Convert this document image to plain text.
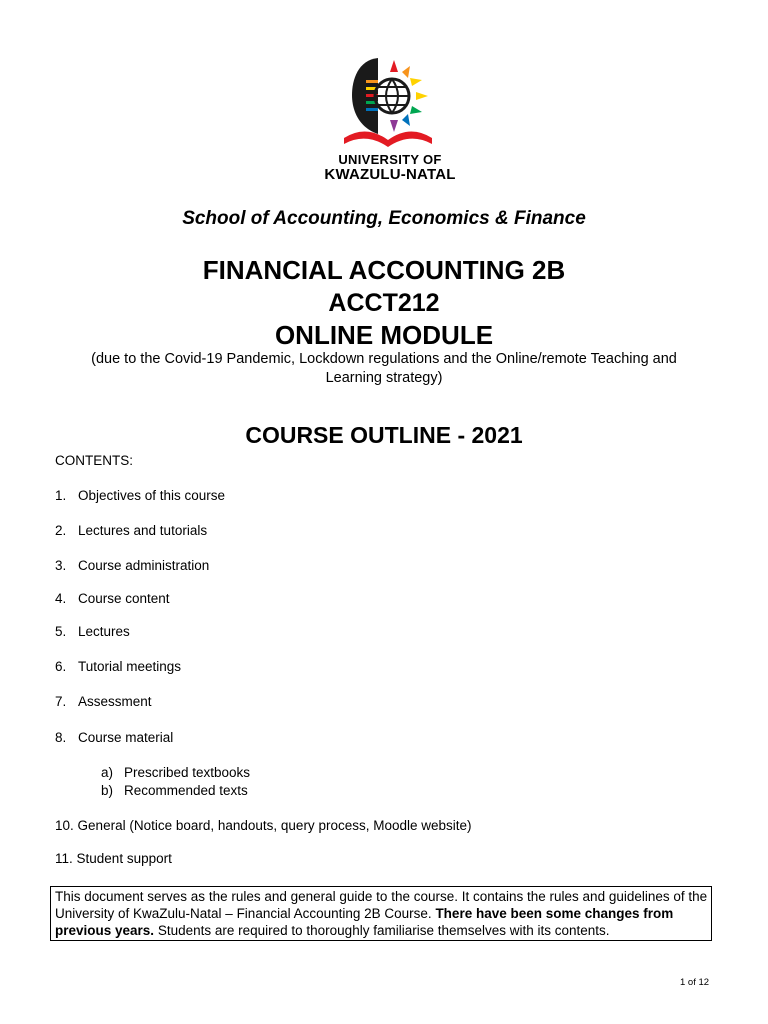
UNIVERSITY OF
KWAZULU-NATAL
School of Accounting, Economics & Finance
FINANCIAL ACCOUNTING 2B
ACCT212
ONLINE MODULE
(due to the Covid-19 Pandemic, Lockdown regulations and the Online/remote Teaching and Learning strategy)
COURSE OUTLINE - 2021
CONTENTS:
1. Objectives of this course
2. Lectures and tutorials
3. Course administration
4. Course content
5. Lectures
6. Tutorial meetings
7. Assessment
8. Course material
a) Prescribed textbooks
b) Recommended texts
10. General (Notice board, handouts, query process, Moodle website)
11. Student support
This document serves as the rules and general guide to the course. It contains the rules and guidelines of the University of KwaZulu-Natal – Financial Accounting 2B Course. There have been some changes from previous years. Students are required to thoroughly familiarise themselves with its contents.
1 of 12
